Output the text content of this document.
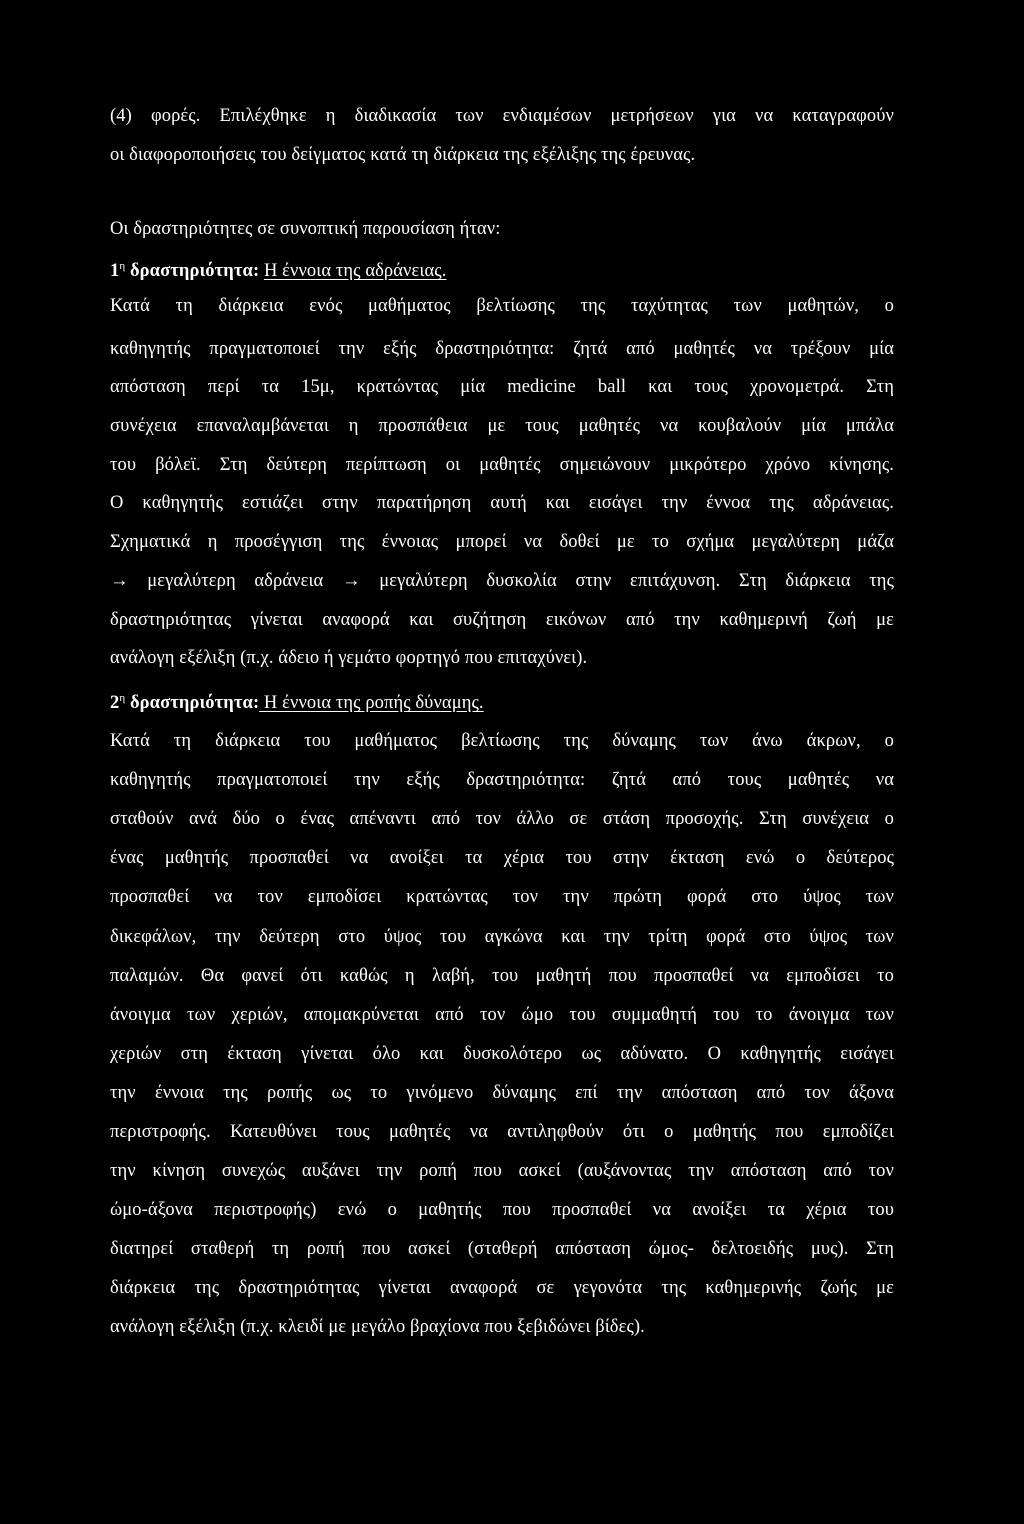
(4) φορές. Επιλέχθηκε η διαδικασία των ενδιαμέσων μετρήσεων για να καταγραφούν
οι διαφοροποιήσεις του δείγματος κατά τη διάρκεια της εξέλιξης της έρευνας.
Οι δραστηριότητες σε συνοπτική παρουσίαση ήταν:
$1^\eta$ δραστηριότητα: Η έννοια της αδράνειας.
Κατά τη διάρκεια ενός μαθήματος βελτίωσης της ταχύτητας των μαθητών, ο
καθηγητής πραγματοποιεί την εξής δραστηριότητα: ζητά από μαθητές να τρέξουν μία
απόσταση περί τα 15μ, κρατώντας μία medicine ball και τους χρονομετρά. Στη
συνέχεια επαναλαμβάνεται η προσπάθεια με τους μαθητές να κουβαλούν μία μπάλα
του βόλεϊ. Στη δεύτερη περίπτωση οι μαθητές σημειώνουν μικρότερο χρόνο κίνησης.
Ο καθηγητής εστιάζει στην παρατήρηση αυτή και εισάγει την έννοα της αδράνειας.
Σχηματικά η προσέγγιση της έννοιας μπορεί να δοθεί με το σχήμα μεγαλύτερη μάζα
→ μεγαλύτερη αδράνεια → μεγαλύτερη δυσκολία στην επιτάχυνση. Στη διάρκεια της
δραστηριότητας γίνεται αναφορά και συζήτηση εικόνων από την καθημερινή ζωή με
ανάλογη εξέλιξη (π.χ. άδειο ή γεμάτο φορτηγό που επιταχύνει).
$2^\eta$ δραστηριότητα: Η έννοια της ροπής δύναμης.
Κατά τη διάρκεια του μαθήματος βελτίωσης της δύναμης των άνω άκρων, ο
καθηγητής πραγματοποιεί την εξής δραστηριότητα: ζητά από τους μαθητές να
σταθούν ανά δύο ο ένας απέναντι από τον άλλο σε στάση προσοχής. Στη συνέχεια ο
ένας μαθητής προσπαθεί να ανοίξει τα χέρια του στην έκταση ενώ ο δεύτερος
προσπαθεί να τον εμποδίσει κρατώντας τον την πρώτη φορά στο ύψος των
δικεφάλων, την δεύτερη στο ύψος του αγκώνα και την τρίτη φορά στο ύψος των
παλαμών. Θα φανεί ότι καθώς η λαβή, του μαθητή που προσπαθεί να εμποδίσει το
άνοιγμα των χεριών, απομακρύνεται από τον ώμο του συμμαθητή του το άνοιγμα των
χεριών στη έκταση γίνεται όλο και δυσκολότερο ως αδύνατο. Ο καθηγητής εισάγει
την έννοια της ροπής ως το γινόμενο δύναμης επί την απόσταση από τον άξονα
περιστροφής. Κατευθύνει τους μαθητές να αντιληφθούν ότι ο μαθητής που εμποδίζει
την κίνηση συνεχώς αυξάνει την ροπή που ασκεί (αυξάνοντας την απόσταση από τον
ώμο-άξονα περιστροφής) ενώ ο μαθητής που προσπαθεί να ανοίξει τα χέρια του
διατηρεί σταθερή τη ροπή που ασκεί (σταθερή απόσταση ώμος- δελτοειδής μυς). Στη
διάρκεια της δραστηριότητας γίνεται αναφορά σε γεγονότα της καθημερινής ζωής με
ανάλογη εξέλιξη (π.χ. κλειδί με μεγάλο βραχίονα που ξεβιδώνει βίδες).
